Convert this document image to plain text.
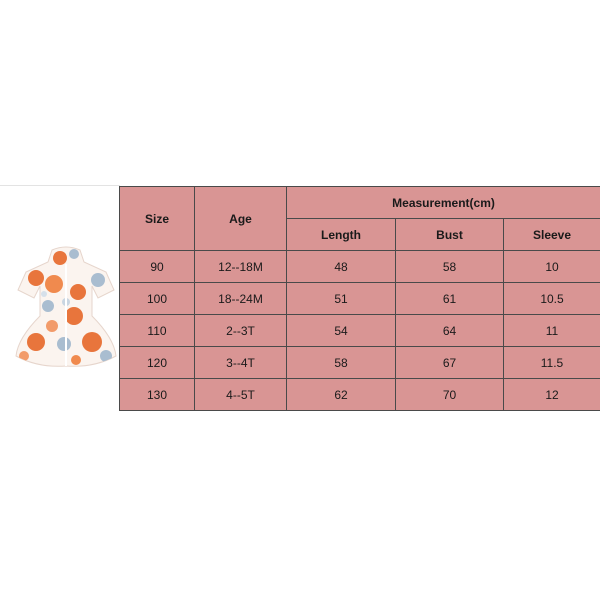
Size	Age	Measurement(cm)		
		Length	Bust	Sleeve
90	12--18M	48	58	10
100	18--24M	51	61	10.5
110	2--3T	54	64	11
120	3--4T	58	67	11.5
130	4--5T	62	70	12
